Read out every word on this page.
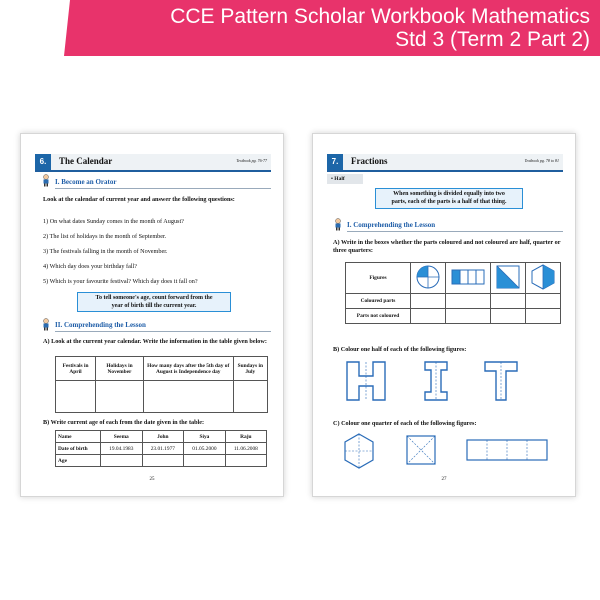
CCE Pattern Scholar Workbook Mathematics
Std 3 (Term 2 Part 2)
6.	The Calendar	Textbook pg. 76-77
I. Become an Orator
Look at the calendar of current year and answer the following questions:
1) On what dates Sunday comes in the month of August?
2) The list of holidays in the month of September.
3) The festivals falling in the month of November.
4) Which day does your birthday fall?
5) Which is your favourite festival? Which day does it fall on?
To tell someone's age, count forward from the
year of birth till the current year.
II. Comprehending the Lesson
A) Look at the current year calendar. Write the information in the table given below:
Festivals in April	Holidays in November	How many days after the 5th day of August is Independence day	Sundays in July

B) Write current age of each from the date given in the table:
Name	Seema	John	Siya	Raju
Date of birth	19.04.1983	23.01.1977	01.05.2000	11.06.2008
Age				
25
7.	Fractions	Textbook pg. 78 to 81
• Half
When something is divided equally into two
parts, each of the parts is a half of that thing.
I. Comprehending the Lesson
A) Write in the boxes whether the parts coloured and not coloured are half, quarter or three quarters:
Figures				
Coloured parts				
Parts not coloured				
B) Colour one half of each of the following figures:
C) Colour one quarter of each of the following figures:
27
